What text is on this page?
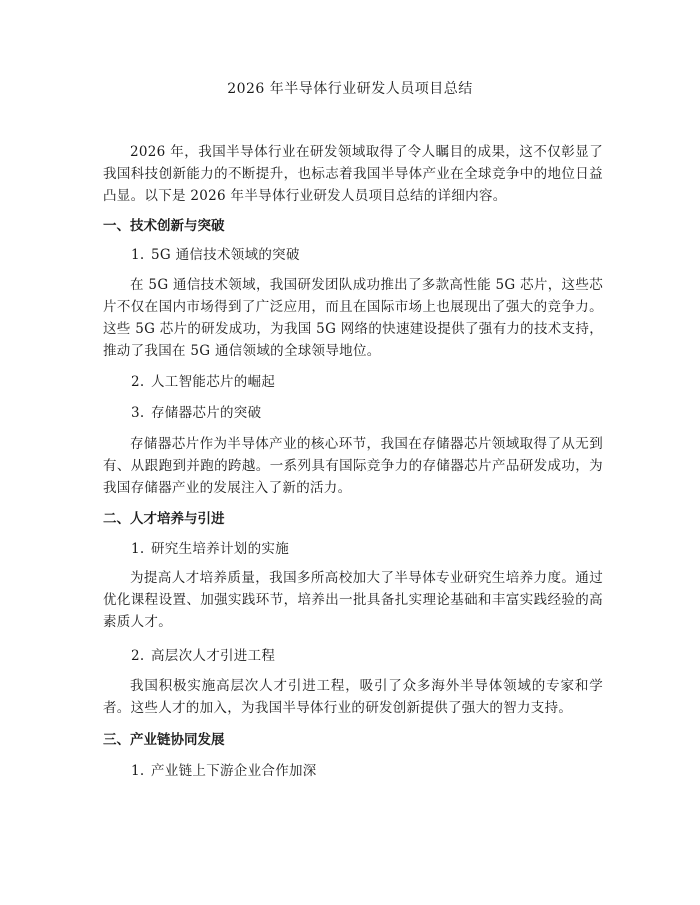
2026 年半导体行业研发人员项目总结
2026 年，我国半导体行业在研发领域取得了令人瞩目的成果，这不仅彰显了我国科技创新能力的不断提升，也标志着我国半导体产业在全球竞争中的地位日益凸显。以下是 2026 年半导体行业研发人员项目总结的详细内容。
一、技术创新与突破
1. 5G 通信技术领域的突破
在 5G 通信技术领域，我国研发团队成功推出了多款高性能 5G 芯片，这些芯片不仅在国内市场得到了广泛应用，而且在国际市场上也展现出了强大的竞争力。这些 5G 芯片的研发成功，为我国 5G 网络的快速建设提供了强有力的技术支持，推动了我国在 5G 通信领域的全球领导地位。
2. 人工智能芯片的崛起
3. 存储器芯片的突破
存储器芯片作为半导体产业的核心环节，我国在存储器芯片领域取得了从无到有、从跟跑到并跑的跨越。一系列具有国际竞争力的存储器芯片产品研发成功，为我国存储器产业的发展注入了新的活力。
二、人才培养与引进
1. 研究生培养计划的实施
为提高人才培养质量，我国多所高校加大了半导体专业研究生培养力度。通过优化课程设置、加强实践环节，培养出一批具备扎实理论基础和丰富实践经验的高素质人才。
2. 高层次人才引进工程
我国积极实施高层次人才引进工程，吸引了众多海外半导体领域的专家和学者。这些人才的加入，为我国半导体行业的研发创新提供了强大的智力支持。
三、产业链协同发展
1. 产业链上下游企业合作加深
